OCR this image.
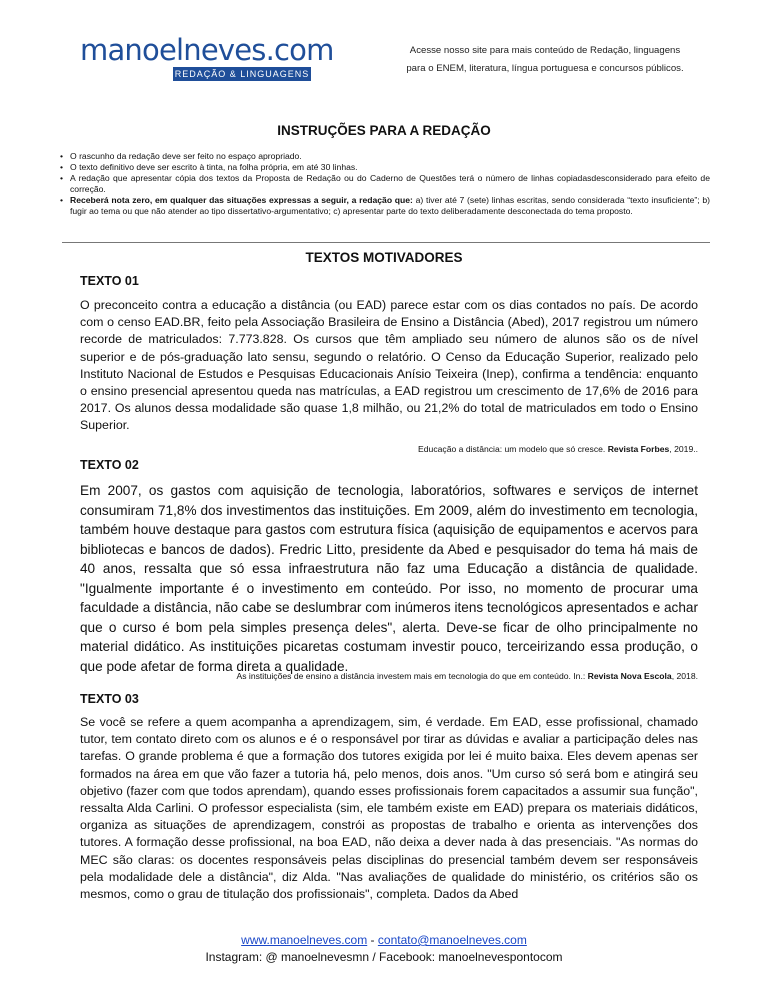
manoelneves.com
REDAÇÃO & LINGUAGENS
Acesse nosso site para mais conteúdo de Redação, linguagens
para o ENEM, literatura, língua portuguesa e concursos públicos.
INSTRUÇÕES PARA A REDAÇÃO
• O rascunho da redação deve ser feito no espaço apropriado.
• O texto definitivo deve ser escrito à tinta, na folha própria, em até 30 linhas.
• A redação que apresentar cópia dos textos da Proposta de Redação ou do Caderno de Questões terá o número de linhas copiadasdesconsiderado para efeito de correção.
• Receberá nota zero, em qualquer das situações expressas a seguir, a redação que: a) tiver até 7 (sete) linhas escritas, sendo considerada “texto insuficiente”; b) fugir ao tema ou que não atender ao tipo dissertativo-argumentativo; c) apresentar parte do texto deliberadamente desconectada do tema proposto.
TEXTOS MOTIVADORES
TEXTO 01

O preconceito contra a educação a distância (ou EAD) parece estar com os dias contados no país. De acordo com o censo EAD.BR, feito pela Associação Brasileira de Ensino a Distância (Abed), 2017 registrou um número recorde de matriculados: 7.773.828. Os cursos que têm ampliado seu número de alunos são os de nível superior e de pós-graduação lato sensu, segundo o relatório. O Censo da Educação Superior, realizado pelo Instituto Nacional de Estudos e Pesquisas Educacionais Anísio Teixeira (Inep), confirma a tendência: enquanto o ensino presencial apresentou queda nas matrículas, a EAD registrou um crescimento de 17,6% de 2016 para 2017. Os alunos dessa modalidade são quase 1,8 milhão, ou 21,2% do total de matriculados em todo o Ensino Superior.

Educação a distância: um modelo que só cresce. Revista Forbes, 2019..
TEXTO 02

Em 2007, os gastos com aquisição de tecnologia, laboratórios, softwares e serviços de internet consumiram 71,8% dos investimentos das instituições. Em 2009, além do investimento em tecnologia, também houve destaque para gastos com estrutura física (aquisição de equipamentos e acervos para bibliotecas e bancos de dados). Fredric Litto, presidente da Abed e pesquisador do tema há mais de 40 anos, ressalta que só essa infraestrutura não faz uma Educação a distância de qualidade. "Igualmente importante é o investimento em conteúdo. Por isso, no momento de procurar uma faculdade a distância, não cabe se deslumbrar com inúmeros itens tecnológicos apresentados e achar que o curso é bom pela simples presença deles", alerta. Deve-se ficar de olho principalmente no material didático. As instituições picaretas costumam investir pouco, terceirizando essa produção, o que pode afetar de forma direta a qualidade.

As instituições de ensino a distância investem mais em tecnologia do que em conteúdo. In.: Revista Nova Escola, 2018.
TEXTO 03

Se você se refere a quem acompanha a aprendizagem, sim, é verdade. Em EAD, esse profissional, chamado tutor, tem contato direto com os alunos e é o responsável por tirar as dúvidas e avaliar a participação deles nas tarefas. O grande problema é que a formação dos tutores exigida por lei é muito baixa. Eles devem apenas ser formados na área em que vão fazer a tutoria há, pelo menos, dois anos. "Um curso só será bom e atingirá seu objetivo (fazer com que todos aprendam), quando esses profissionais forem capacitados a assumir sua função", ressalta Alda Carlini. O professor especialista (sim, ele também existe em EAD) prepara os materiais didáticos, organiza as situações de aprendizagem, constrói as propostas de trabalho e orienta as intervenções dos tutores. A formação desse profissional, na boa EAD, não deixa a dever nada à das presenciais. "As normas do MEC são claras: os docentes responsáveis pelas disciplinas do presencial também devem ser responsáveis pela modalidade dele a distância", diz Alda. "Nas avaliações de qualidade do ministério, os critérios são os mesmos, como o grau de titulação dos profissionais", completa. Dados da Abed

www.manoelneves.com - contato@manoelneves.com
Instagram: @ manoelnevesmn / Facebook: manoelnevespontocom
